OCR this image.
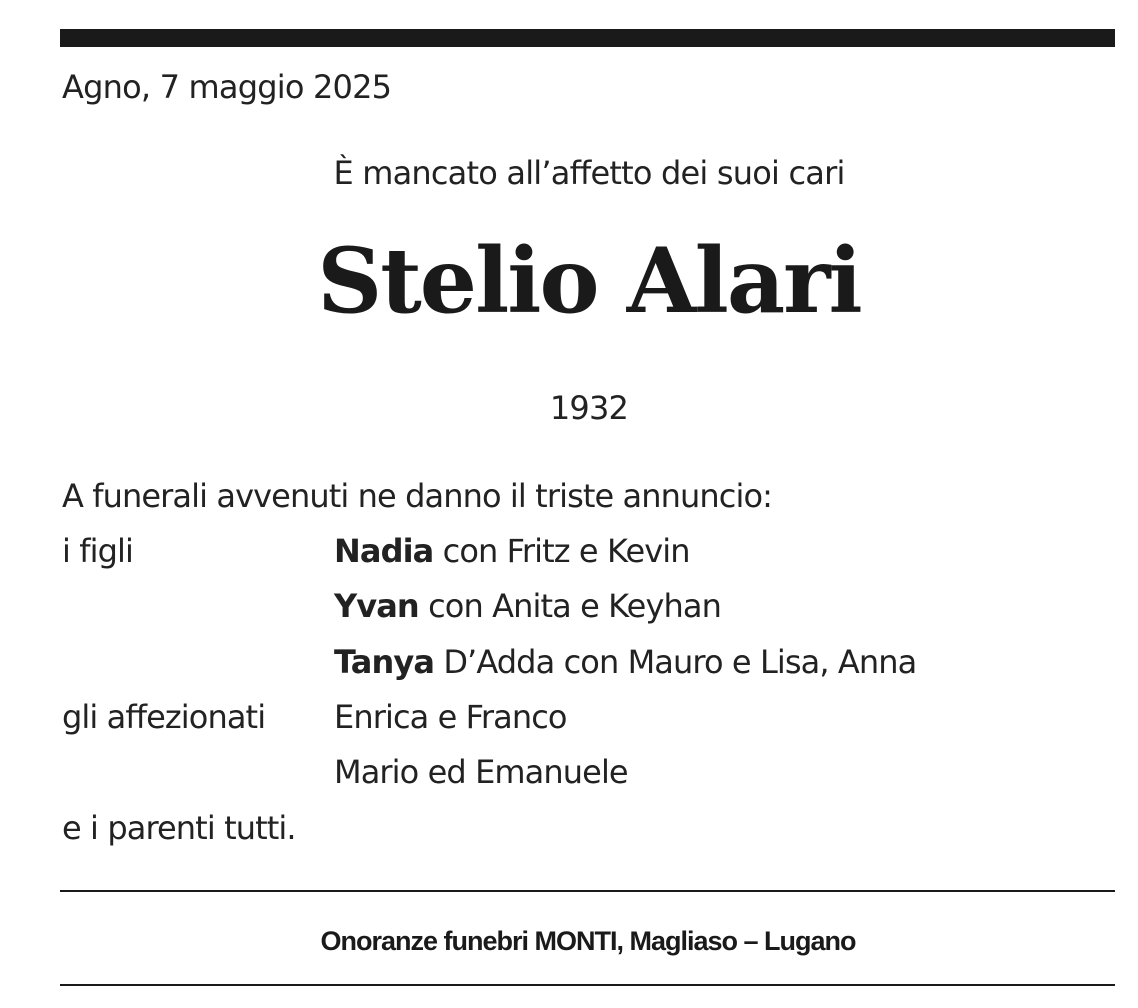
Agno, 7 maggio 2025
È mancato all’affetto dei suoi cari
Stelio Alari
1932
A funerali avvenuti ne danno il triste annuncio:
i figli	Nadia con Fritz e Kevin
Yvan con Anita e Keyhan
Tanya D’Adda con Mauro e Lisa, Anna
gli affezionati Enrica e Franco
Mario ed Emanuele
e i parenti tutti.
Onoranze funebri MONTI, Magliaso – Lugano
